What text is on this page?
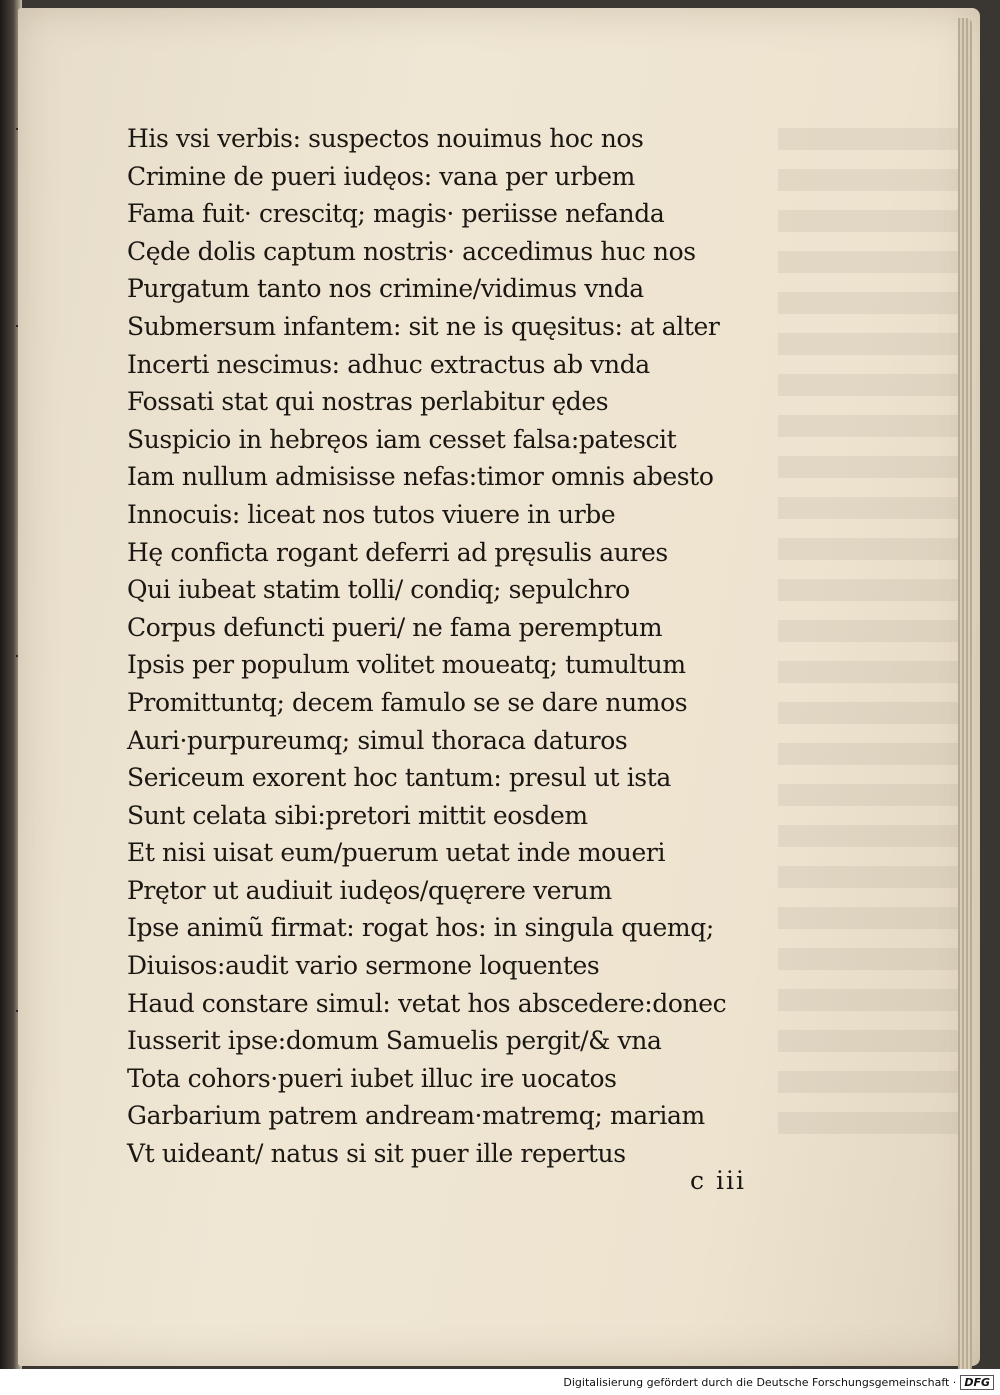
His vsi verbis: suspectos nouimus hoc nos
Crimine de pueri iudęos: vana per urbem
Fama fuit· crescitq; magis· periisse nefanda
Cęde dolis captum nostris· accedimus huc nos
Purgatum tanto nos crimine/vidimus vnda
Submersum infantem: sit ne is quęsitus: at alter
Incerti nescimus: adhuc extractus ab vnda
Fossati stat qui nostras perlabitur ędes
Suspicio in hebręos iam cesset falsa:patescit
Iam nullum admisisse nefas:timor omnis abesto
Innocuis: liceat nos tutos viuere in urbe
Hę conficta rogant deferri ad pręsulis aures
Qui iubeat statim tolli/ condiq; sepulchro
Corpus defuncti pueri/ ne fama peremptum
Ipsis per populum volitet moueatq; tumultum
Promittuntq; decem famulo se se dare numos
Auri·purpureumq; simul thoraca daturos
Sericeum exorent hoc tantum: presul ut ista
Sunt celata sibi:pretori mittit eosdem
Et nisi uisat eum/puerum uetat inde moueri
Prętor ut audiuit iudęos/quęrere verum
Ipse animũ firmat: rogat hos: in singula quemq;
Diuisos:audit vario sermone loquentes
Haud constare simul: vetat hos abscedere:donec
Iusserit ipse:domum Samuelis pergit/& vna
Tota cohors·pueri iubet illuc ire uocatos
Garbarium patrem andream·matremq; mariam
Vt uideant/ natus si sit puer ille repertus
c iii
Digitalisierung gefördert durch die Deutsche Forschungsgemeinschaft · DFG
